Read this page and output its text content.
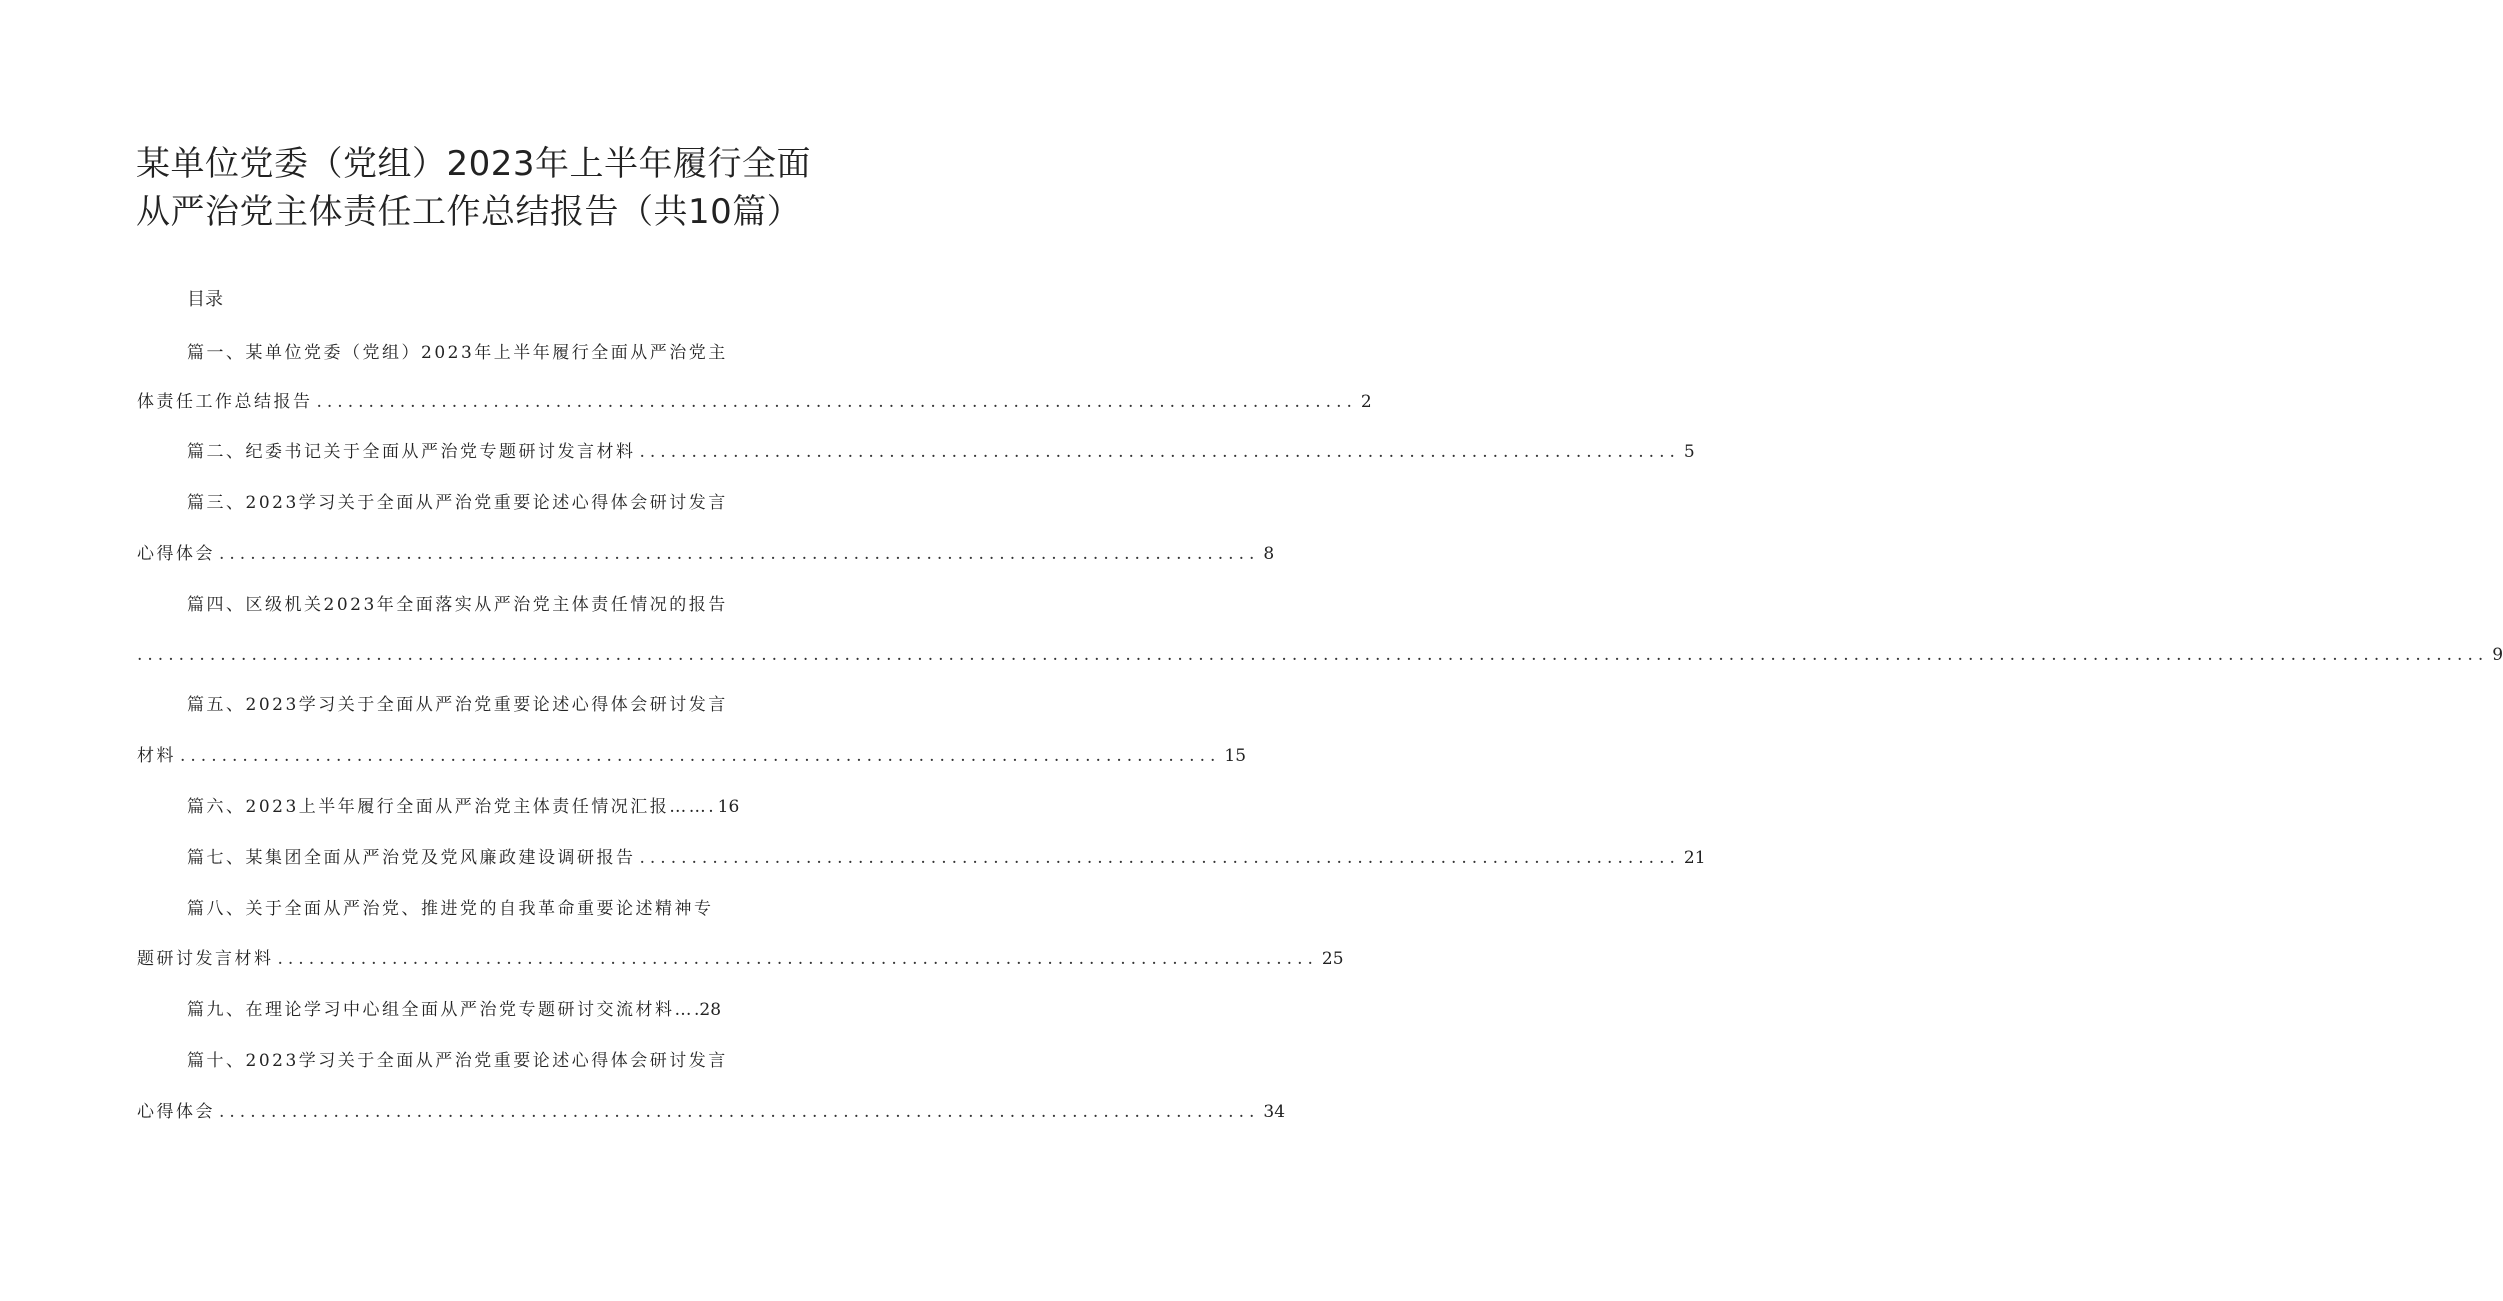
某单位党委（党组）2023年上半年履行全面
从严治党主体责任工作总结报告（共10篇）
目录
篇一、某单位党委（党组）2023年上半年履行全面从严治党主
体责任工作总结报告 .................................................................................................... 2
篇二、纪委书记关于全面从严治党专题研讨发言材料 .................................................................................................... 5
篇三、2023学习关于全面从严治党重要论述心得体会研讨发言
心得体会 .................................................................................................... 8
篇四、区级机关2023年全面落实从严治党主体责任情况的报告
.................................................................................................................................................................................................................................. 9
篇五、2023学习关于全面从严治党重要论述心得体会研讨发言
材料 .................................................................................................... 15
篇六、2023上半年履行全面从严治党主体责任情况汇报……. 16
篇七、某集团全面从严治党及党风廉政建设调研报告 .................................................................................................... 21
篇八、关于全面从严治党、推进党的自我革命重要论述精神专
题研讨发言材料 .................................................................................................... 25
篇九、在理论学习中心组全面从严治党专题研讨交流材料….28
篇十、2023学习关于全面从严治党重要论述心得体会研讨发言
心得体会 .................................................................................................... 34
